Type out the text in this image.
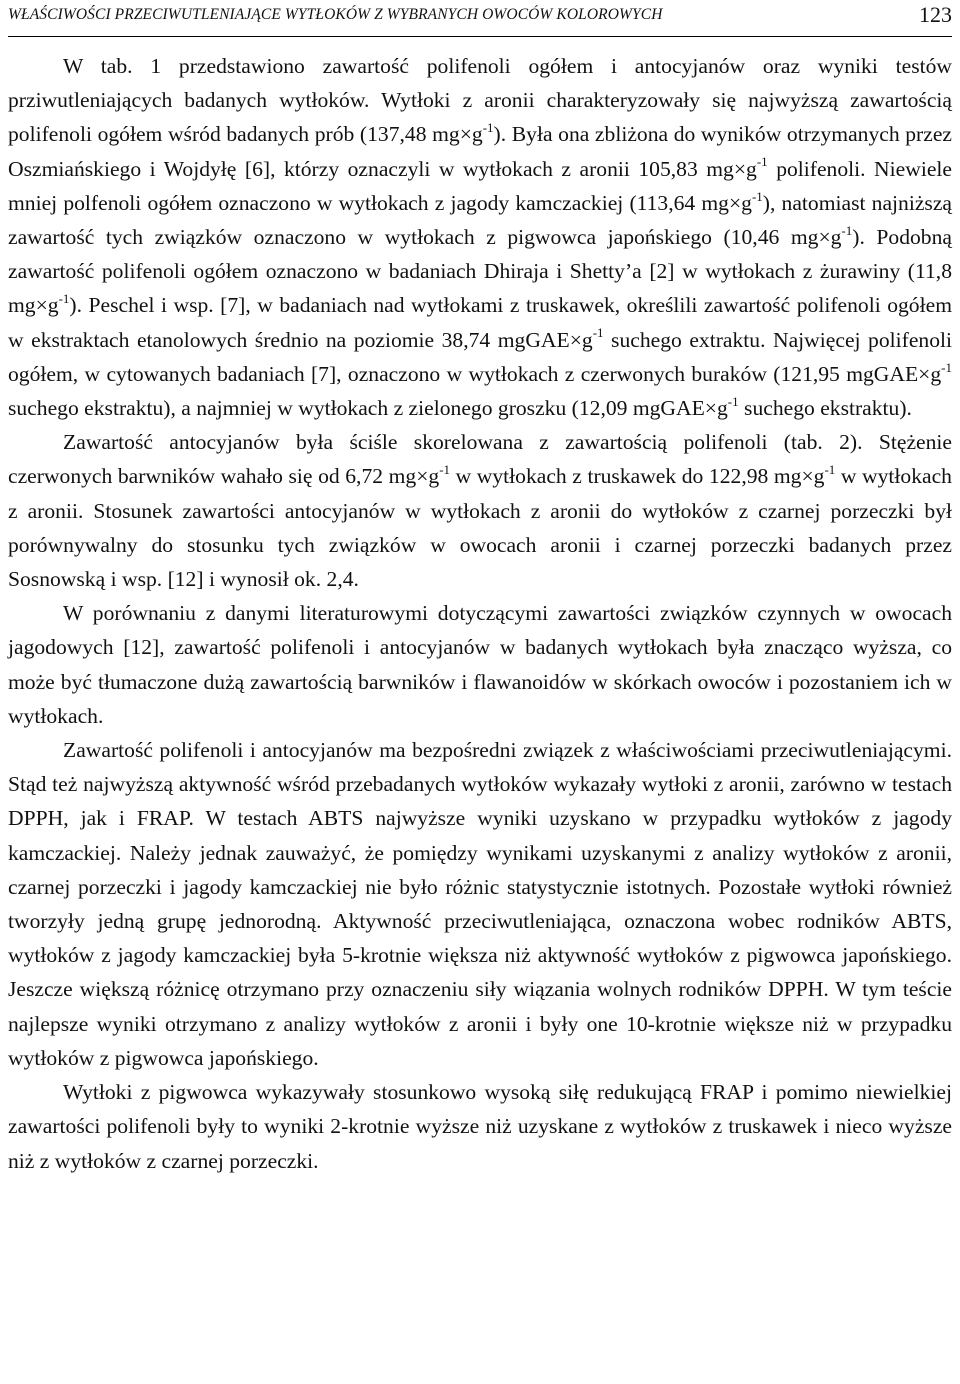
WŁAŚCIWOŚCI PRZECIWUTLENIAJĄCE WYTŁOKÓW Z WYBRANYCH OWOCÓW KOLOROWYCH	123

W tab. 1 przedstawiono zawartość polifenoli ogółem i antocyjanów oraz wyniki testów prziwutleniających badanych wytłoków. Wytłoki z aronii charakteryzowały się najwyższą zawartością polifenoli ogółem wśród badanych prób (137,48 $mg\times g^{-1}$). Była ona zbliżona do wyników otrzymanych przez Oszmiańskiego i Wojdyłę [6], którzy oznaczyli w wytłokach z aronii 105,83 $mg\times g^{-1}$ polifenoli. Niewiele mniej polfenoli ogółem oznaczono w wytłokach z jagody kamczackiej (113,64 $mg\times g^{-1}$), natomiast najniższą zawartość tych związków oznaczono w wytłokach z pigwowca japońskiego (10,46 $mg\times g^{-1}$). Podobną zawartość polifenoli ogółem oznaczono w badaniach Dhiraja i Shetty’a [2] w wytłokach z żurawiny (11,8 $mg\times g^{-1}$). Peschel i wsp. [7], w badaniach nad wytłokami z truskawek, określili zawartość polifenoli ogółem w ekstraktach etanolowych średnio na poziomie 38,74 $mgGAE\times g^{-1}$ suchego extraktu. Najwięcej polifenoli ogółem, w cytowanych badaniach [7], oznaczono w wytłokach z czerwonych buraków (121,95 $mgGAE\times g^{-1}$ suchego ekstraktu), a najmniej w wytłokach z zielonego groszku (12,09 $mgGAE\times g^{-1}$ suchego ekstraktu).

Zawartość antocyjanów była ściśle skorelowana z zawartością polifenoli (tab. 2). Stężenie czerwonych barwników wahało się od 6,72 $mg\times g^{-1}$ w wytłokach z truskawek do 122,98 $mg\times g^{-1}$ w wytłokach z aronii. Stosunek zawartości antocyjanów w wytłokach z aronii do wytłoków z czarnej porzeczki był porównywalny do stosunku tych związków w owocach aronii i czarnej porzeczki badanych przez Sosnowską i wsp. [12] i wynosił ok. 2,4.

W porównaniu z danymi literaturowymi dotyczącymi zawartości związków czynnych w owocach jagodowych [12], zawartość polifenoli i antocyjanów w badanych wytłokach była znacząco wyższa, co może być tłumaczone dużą zawartością barwników i flawanoidów w skórkach owoców i pozostaniem ich w wytłokach.

Zawartość polifenoli i antocyjanów ma bezpośredni związek z właściwościami przeciwutleniającymi. Stąd też najwyższą aktywność wśród przebadanych wytłoków wykazały wytłoki z aronii, zarówno w testach DPPH, jak i FRAP. W testach ABTS najwyższe wyniki uzyskano w przypadku wytłoków z jagody kamczackiej. Należy jednak zauważyć, że pomiędzy wynikami uzyskanymi z analizy wytłoków z aronii, czarnej porzeczki i jagody kamczackiej nie było różnic statystycznie istotnych. Pozostałe wytłoki również tworzyły jedną grupę jednorodną. Aktywność przeciwutleniająca, oznaczona wobec rodników ABTS, wytłoków z jagody kamczackiej była 5-krotnie większa niż aktywność wytłoków z pigwowca japońskiego. Jeszcze większą różnicę otrzymano przy oznaczeniu siły wiązania wolnych rodników DPPH. W tym teście najlepsze wyniki otrzymano z analizy wytłoków z aronii i były one 10-krotnie większe niż w przypadku wytłoków z pigwowca japońskiego.

Wytłoki z pigwowca wykazywały stosunkowo wysoką siłę redukującą FRAP i pomimo niewielkiej zawartości polifenoli były to wyniki 2-krotnie wyższe niż uzyskane z wytłoków z truskawek i nieco wyższe niż z wytłoków z czarnej porzeczki.
